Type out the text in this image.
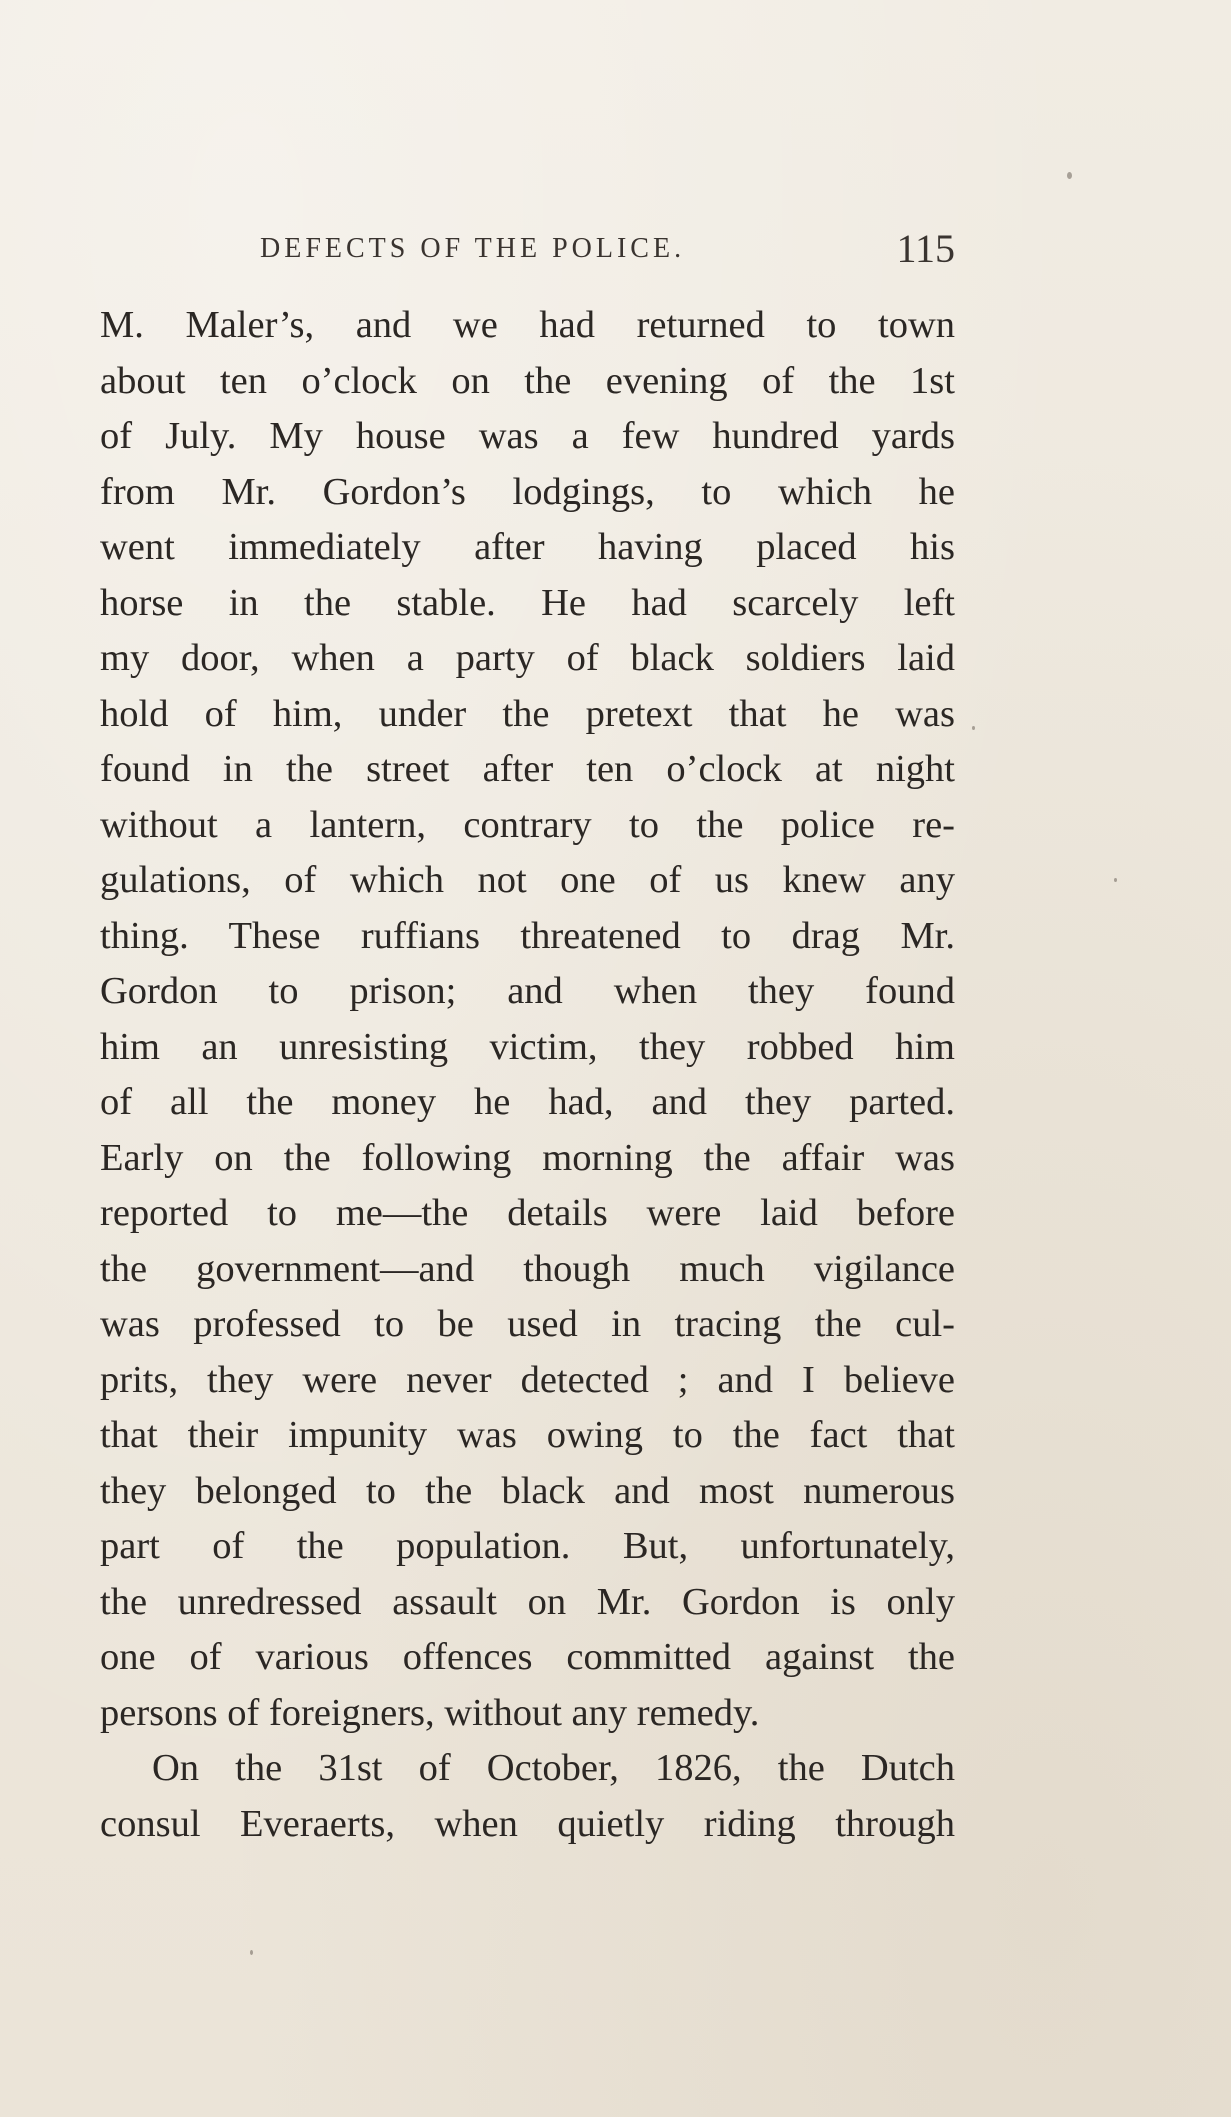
DEFECTS OF THE POLICE.	115
M. Maler’s, and we had returned to town
about ten o’clock on the evening of the 1st
of July. My house was a few hundred yards
from Mr. Gordon’s lodgings, to which he
went immediately after having placed his
horse in the stable. He had scarcely left
my door, when a party of black soldiers laid
hold of him, under the pretext that he was
found in the street after ten o’clock at night
without a lantern, contrary to the police re-
gulations, of which not one of us knew any
thing. These ruffians threatened to drag Mr.
Gordon to prison; and when they found
him an unresisting victim, they robbed him
of all the money he had, and they parted.
Early on the following morning the affair was
reported to me—the details were laid before
the government—and though much vigilance
was professed to be used in tracing the cul-
prits, they were never detected ; and I believe
that their impunity was owing to the fact that
they belonged to the black and most numerous
part of the population. But, unfortunately,
the unredressed assault on Mr. Gordon is only
one of various offences committed against the
persons of foreigners, without any remedy.
On the 31st of October, 1826, the Dutch
consul Everaerts, when quietly riding through
